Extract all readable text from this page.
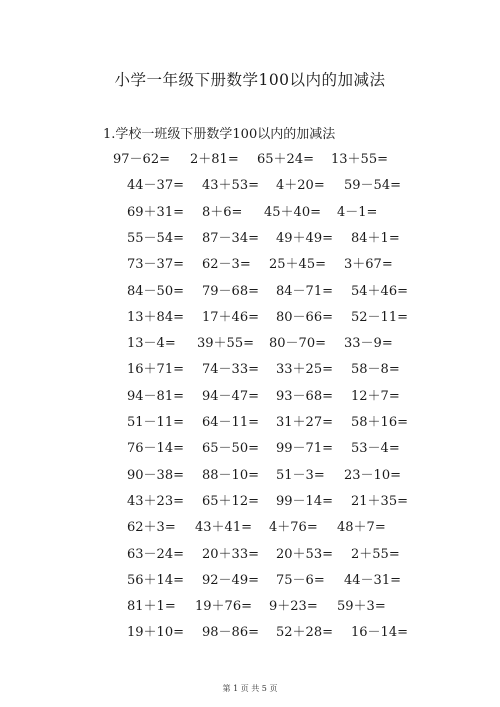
小学一年级下册数学100以内的加减法
1.学校一班级下册数学100以内的加减法
97－62= 2＋81= 65＋24= 13＋55=
44－37= 43＋53= 4＋20= 59－54=
69＋31= 8＋6= 45＋40= 4－1=
55－54= 87－34= 49＋49= 84＋1=
73－37= 62－3= 25＋45= 3＋67=
84－50= 79－68= 84－71= 54＋46=
13＋84= 17＋46= 80－66= 52－11=
13－4= 39＋55= 80－70= 33－9=
16＋71= 74－33= 33＋25= 58－8=
94－81= 94－47= 93－68= 12＋7=
51－11= 64－11= 31＋27= 58＋16=
76－14= 65－50= 99－71= 53－4=
90－38= 88－10= 51－3= 23－10=
43＋23= 65＋12= 99－14= 21＋35=
62＋3= 43＋41= 4＋76= 48＋7=
63－24= 20＋33= 20＋53= 2＋55=
56＋14= 92－49= 75－6= 44－31=
81＋1= 19＋76= 9＋23= 59＋3=
19＋10= 98－86= 52＋28= 16－14=
第 1 页 共 5 页
